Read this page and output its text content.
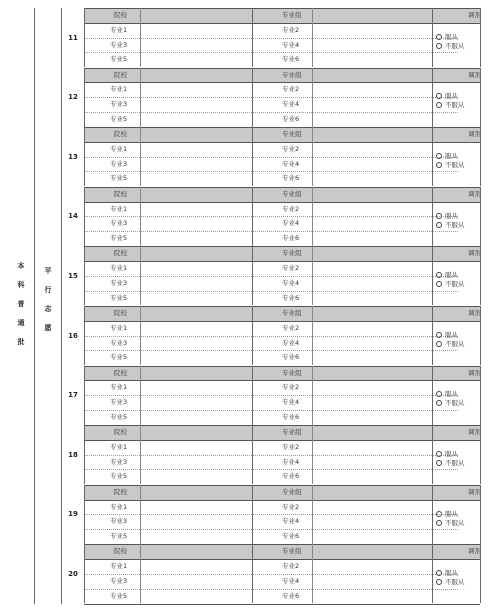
本
科
普
通
批
平
行
志
愿
11
院校	专业组	调剂
专业1	专业2
专业3	专业4
专业5	专业6
服从
不服从
12
院校	专业组	调剂
专业1	专业2
专业3	专业4
专业5	专业6
服从
不服从
13
院校	专业组	调剂
专业1	专业2
专业3	专业4
专业5	专业6
服从
不服从
14
院校	专业组	调剂
专业1	专业2
专业3	专业4
专业5	专业6
服从
不服从
15
院校	专业组	调剂
专业1	专业2
专业3	专业4
专业5	专业6
服从
不服从
16
院校	专业组	调剂
专业1	专业2
专业3	专业4
专业5	专业6
服从
不服从
17
院校	专业组	调剂
专业1	专业2
专业3	专业4
专业5	专业6
服从
不服从
18
院校	专业组	调剂
专业1	专业2
专业3	专业4
专业5	专业6
服从
不服从
19
院校	专业组	调剂
专业1	专业2
专业3	专业4
专业5	专业6
服从
不服从
20
院校	专业组	调剂
专业1	专业2
专业3	专业4
专业5	专业6
服从
不服从
